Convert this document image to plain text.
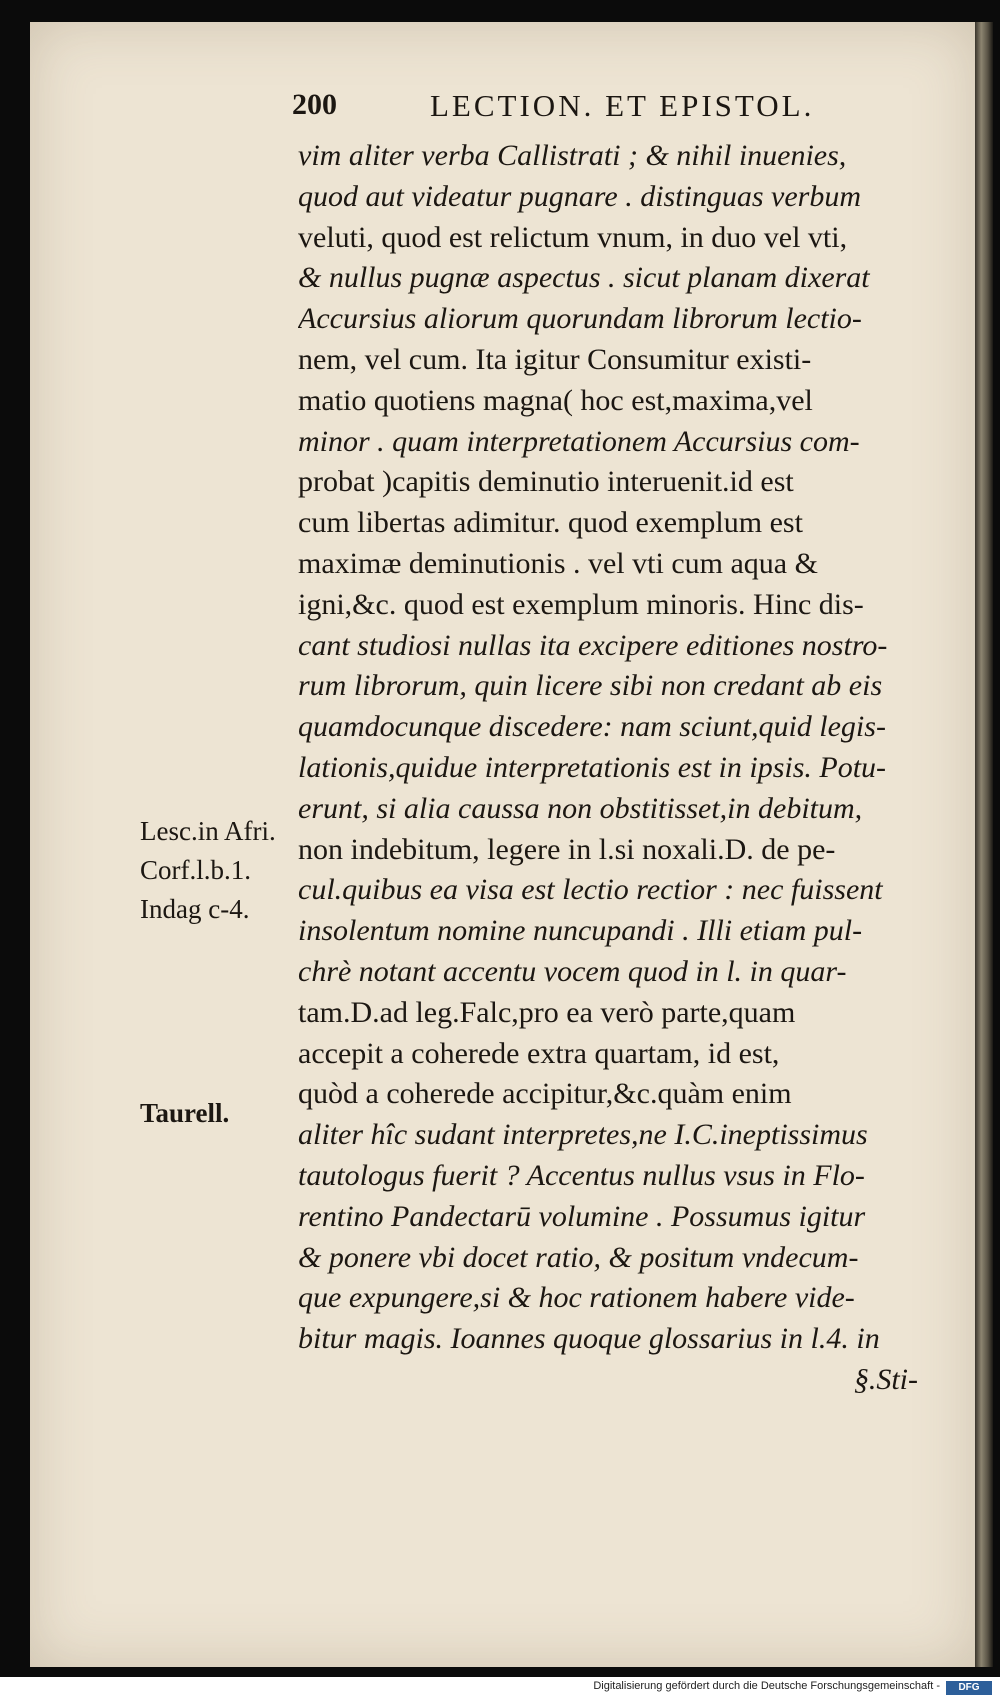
200	LECTION. ET EPISTOL.
vim aliter verba Callistrati ; & nihil inuenies,
quod aut videatur pugnare . distinguas verbum
veluti, quod est relictum vnum, in duo vel vti,
& nullus pugnæ aspectus . sicut planam dixerat
Accursius aliorum quorundam librorum lectio-
nem, vel cum. Ita igitur Consumitur existi-
matio quotiens magna( hoc est,maxima,vel
minor . quam interpretationem Accursius com-
probat )capitis deminutio interuenit.id est
cum libertas adimitur. quod exemplum est
maximæ deminutionis . vel vti cum aqua &
igni,&c. quod est exemplum minoris. Hinc dis-
cant studiosi nullas ita excipere editiones nostro-
rum librorum, quin licere sibi non credant ab eis
quamdocunque discedere: nam sciunt,quid legis-
lationis,quidue interpretationis est in ipsis. Potu-
erunt, si alia caussa non obstitisset,in debitum,
non indebitum, legere in l.si noxali.D. de pe-
cul.quibus ea visa est lectio rectior : nec fuissent
insolentum nomine nuncupandi . Illi etiam pul-
chrè notant accentu vocem quod in l. in quar-
tam.D.ad leg.Falc,pro ea verò parte,quam
accepit a coherede extra quartam, id est,
quòd a coherede accipitur,&c.quàm enim
aliter hîc sudant interpretes,ne I.C.ineptissimus
tautologus fuerit ? Accentus nullus vsus in Flo-
rentino Pandectarū volumine . Possumus igitur
& ponere vbi docet ratio, & positum vndecum-
que expungere,si & hoc rationem habere vide-
bitur magis. Ioannes quoque glossarius in l.4. in
§.Sti-
Lesc.in Afri.
Corf.l.b.1.
Indag c-4.
Taurell.
Digitalisierung gefördert durch die Deutsche Forschungsgemeinschaft -	DFG
